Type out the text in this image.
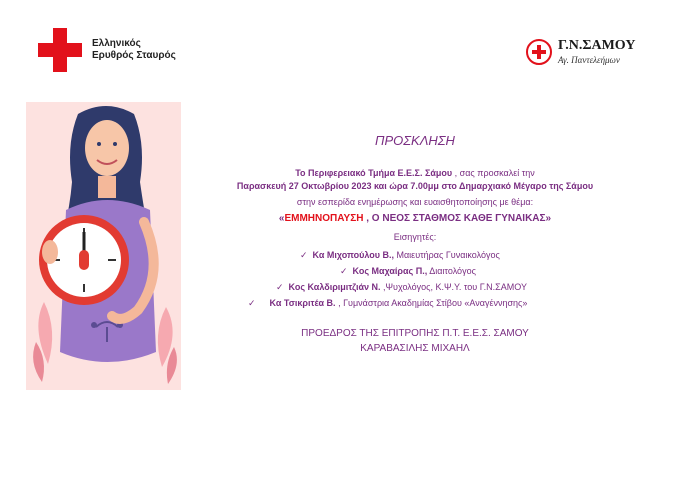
Ελληνικός
Ερυθρός Σταυρός
Γ.Ν.ΣΑΜΟΥ
Αγ. Παντελεήμων
ΠΡΟΣΚΛΗΣΗ
Το Περιφερειακό Τμήμα Ε.Ε.Σ. Σάμου , σας προσκαλεί την
Παρασκευή 27 Οκτωβρίου 2023 και ώρα 7.00μμ στο Δημαρχιακό Μέγαρο της Σάμου
στην εσπερίδα ενημέρωσης και ευαισθητοποίησης με θέμα:
«ΕΜΜΗΝΟΠΑΥΣΗ , Ο ΝΕΟΣ ΣΤΑΘΜΟΣ ΚΑΘΕ ΓΥΝΑΙΚΑΣ»
Εισηγητές:
✓ Κα Μιχοπούλου Β., Μαιευτήρας Γυναικολόγος
✓ Κος Μαχαίρας Π., Διαιτολόγος
✓ Κος Καλδιριμιτζιάν Ν. ,Ψυχολόγος, Κ.Ψ.Υ. του Γ.Ν.ΣΑΜΟΥ
✓ Κα Τσικριτέα Β. , Γυμνάστρια Ακαδημίας Στίβου «Αναγέννησης»
ΠΡΟΕΔΡΟΣ ΤΗΣ ΕΠΙΤΡΟΠΗΣ Π.Τ. Ε.Ε.Σ. ΣΑΜΟΥ
ΚΑΡΑΒΑΣΙΛΗΣ ΜΙΧΑΗΛ
